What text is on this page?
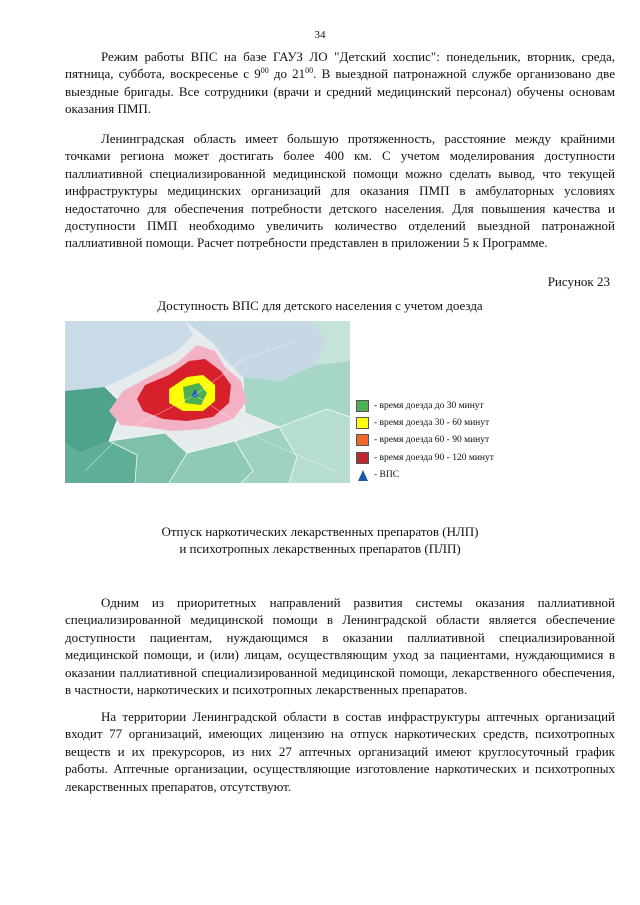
34

Режим работы ВПС на базе ГАУЗ ЛО "Детский хоспис": понедельник, вторник, среда, пятница, суббота, воскресенье с $9^{00}$ до $21^{00}$. В выездной патронажной службе организовано две выездные бригады. Все сотрудники (врачи и средний медицинский персонал) обучены основам оказания ПМП.

Ленинградская область имеет большую протяженность, расстояние между крайними точками региона может достигать более 400 км. С учетом моделирования доступности паллиативной специализированной медицинской помощи можно сделать вывод, что текущей инфраструктуры медицинских организаций для оказания ПМП в амбулаторных условиях недостаточно для обеспечения потребности детского населения. Для повышения качества и доступности ПМП необходимо увеличить количество отделений выездной патронажной паллиативной помощи. Расчет потребности представлен в приложении 5 к Программе.

Рисунок 23
Доступность ВПС для детского населения с учетом доезда
- время доезда до 30 минут
- время доезда 30 - 60 минут
- время доезда 60 - 90 минут
- время доезда 90 - 120 минут
- ВПС
Отпуск наркотических лекарственных препаратов (НЛП)
и психотропных лекарственных препаратов (ПЛП)

Одним из приоритетных направлений развития системы оказания паллиативной специализированной медицинской помощи в Ленинградской области является обеспечение доступности пациентам, нуждающимся в оказании паллиативной специализированной медицинской помощи, и (или) лицам, осуществляющим уход за пациентами, нуждающимися в оказании паллиативной специализированной медицинской помощи, лекарственного обеспечения, в частности, наркотических и психотропных лекарственных препаратов.

На территории Ленинградской области в состав инфраструктуры аптечных организаций входит 77 организаций, имеющих лицензию на отпуск наркотических средств, психотропных веществ и их прекурсоров, из них 27 аптечных организаций имеют круглосуточный график работы. Аптечные организации, осуществляющие изготовление наркотических и психотропных лекарственных препаратов, отсутствуют.
